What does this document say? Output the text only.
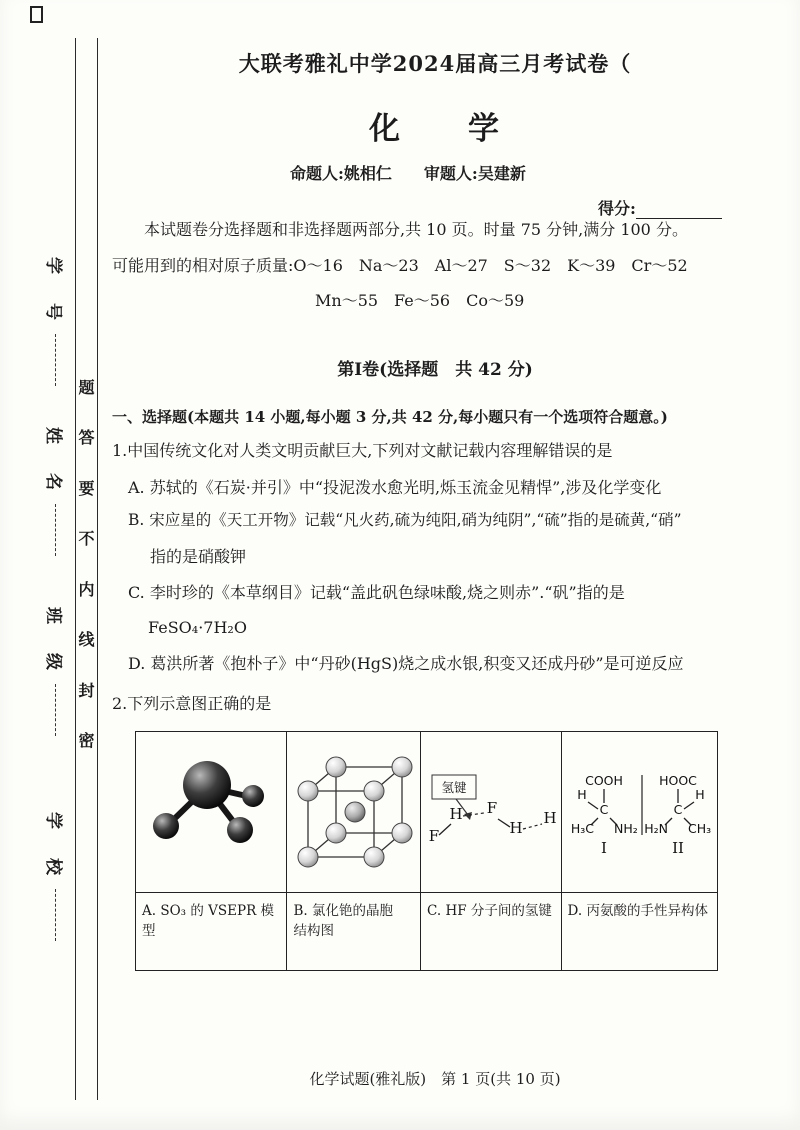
学　号
姓　名
班　级
学　校
题
答
要
不
内
线
封
密
大联考雅礼中学2024届高三月考试卷（
化　　学
命题人:姚相仁　　审题人:吴建新
得分:
本试题卷分选择题和非选择题两部分,共 10 页。时量 75 分钟,满分 100 分。
可能用到的相对原子质量:O～16　Na～23　Al～27　S～32　K～39　Cr～52
Mn～55　Fe～56　Co～59
第Ⅰ卷(选择题　共 42 分)
一、选择题(本题共 14 小题,每小题 3 分,共 42 分,每小题只有一个选项符合题意。)
1.中国传统文化对人类文明贡献巨大,下列对文献记载内容理解错误的是
A. 苏轼的《石炭·并引》中“投泥泼水愈光明,烁玉流金见精悍”,涉及化学变化
B. 宋应星的《天工开物》记载“凡火药,硫为纯阳,硝为纯阴”,“硫”指的是硫黄,“硝”
指的是硝酸钾
C. 李时珍的《本草纲目》记载“盖此矾色绿味酸,烧之则赤”.“矾”指的是
FeSO₄·7H₂O
D. 葛洪所著《抱朴子》中“丹砂(HgS)烧之成水银,积变又还成丹砂”是可逆反应
2.下列示意图正确的是
A. SO₃ 的 VSEPR 模型
B. 氯化铯的晶胞
结构图
氢键
F
H F
H
H
C. HF 分子间的氢键
COOH
C
H
H₃C NH₂
I
HOOC
C
H
H₂N CH₃
II
D. 丙氨酸的手性异构体
化学试题(雅礼版)　第 1 页(共 10 页)
